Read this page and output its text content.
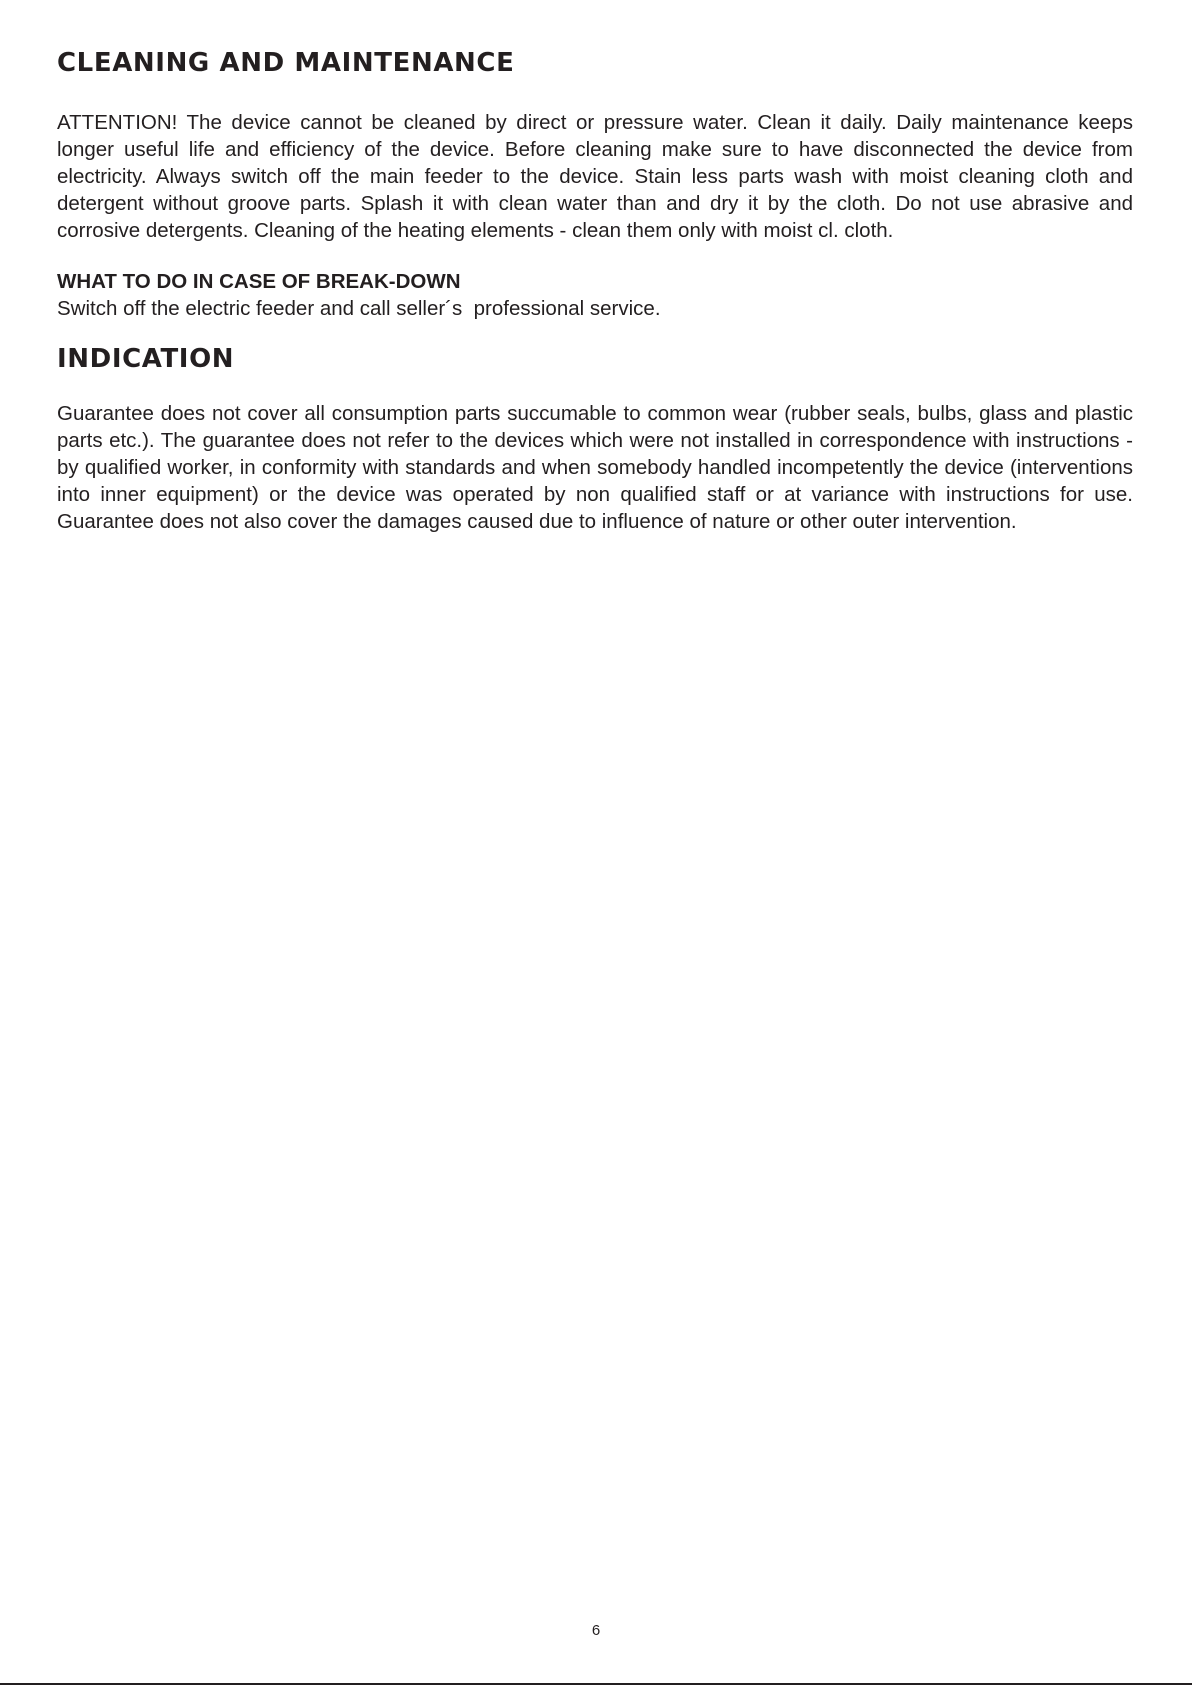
CLEANING AND MAINTENANCE

ATTENTION! The device cannot be cleaned by direct or pressure water. Clean it daily. Daily maintenance keeps longer useful life and efficiency of the device. Before cleaning make sure to have disconnected the device from electricity. Always switch off the main feeder to the device. Stain less parts wash with moist cleaning cloth and detergent without groove parts. Splash it with clean water than and dry it by the cloth. Do not use abrasive and corrosive detergents. Cleaning of the heating elements - clean them only with moist cl. cloth.

WHAT TO DO IN CASE OF BREAK-DOWN

Switch off the electric feeder and call seller´s  professional service.

INDICATION

Guarantee does not cover all consumption parts succumable to common wear (rubber seals, bulbs, glass and plastic parts etc.). The guarantee does not refer to the devices which were not installed in correspondence with instructions - by qualified worker, in conformity with standards and when somebody handled incompetently the device (interventions into inner equipment) or the device was operated by non qualified staff or at variance with instructions for use. Guarantee does not also cover the damages caused due to influence of nature or other outer intervention.

6
